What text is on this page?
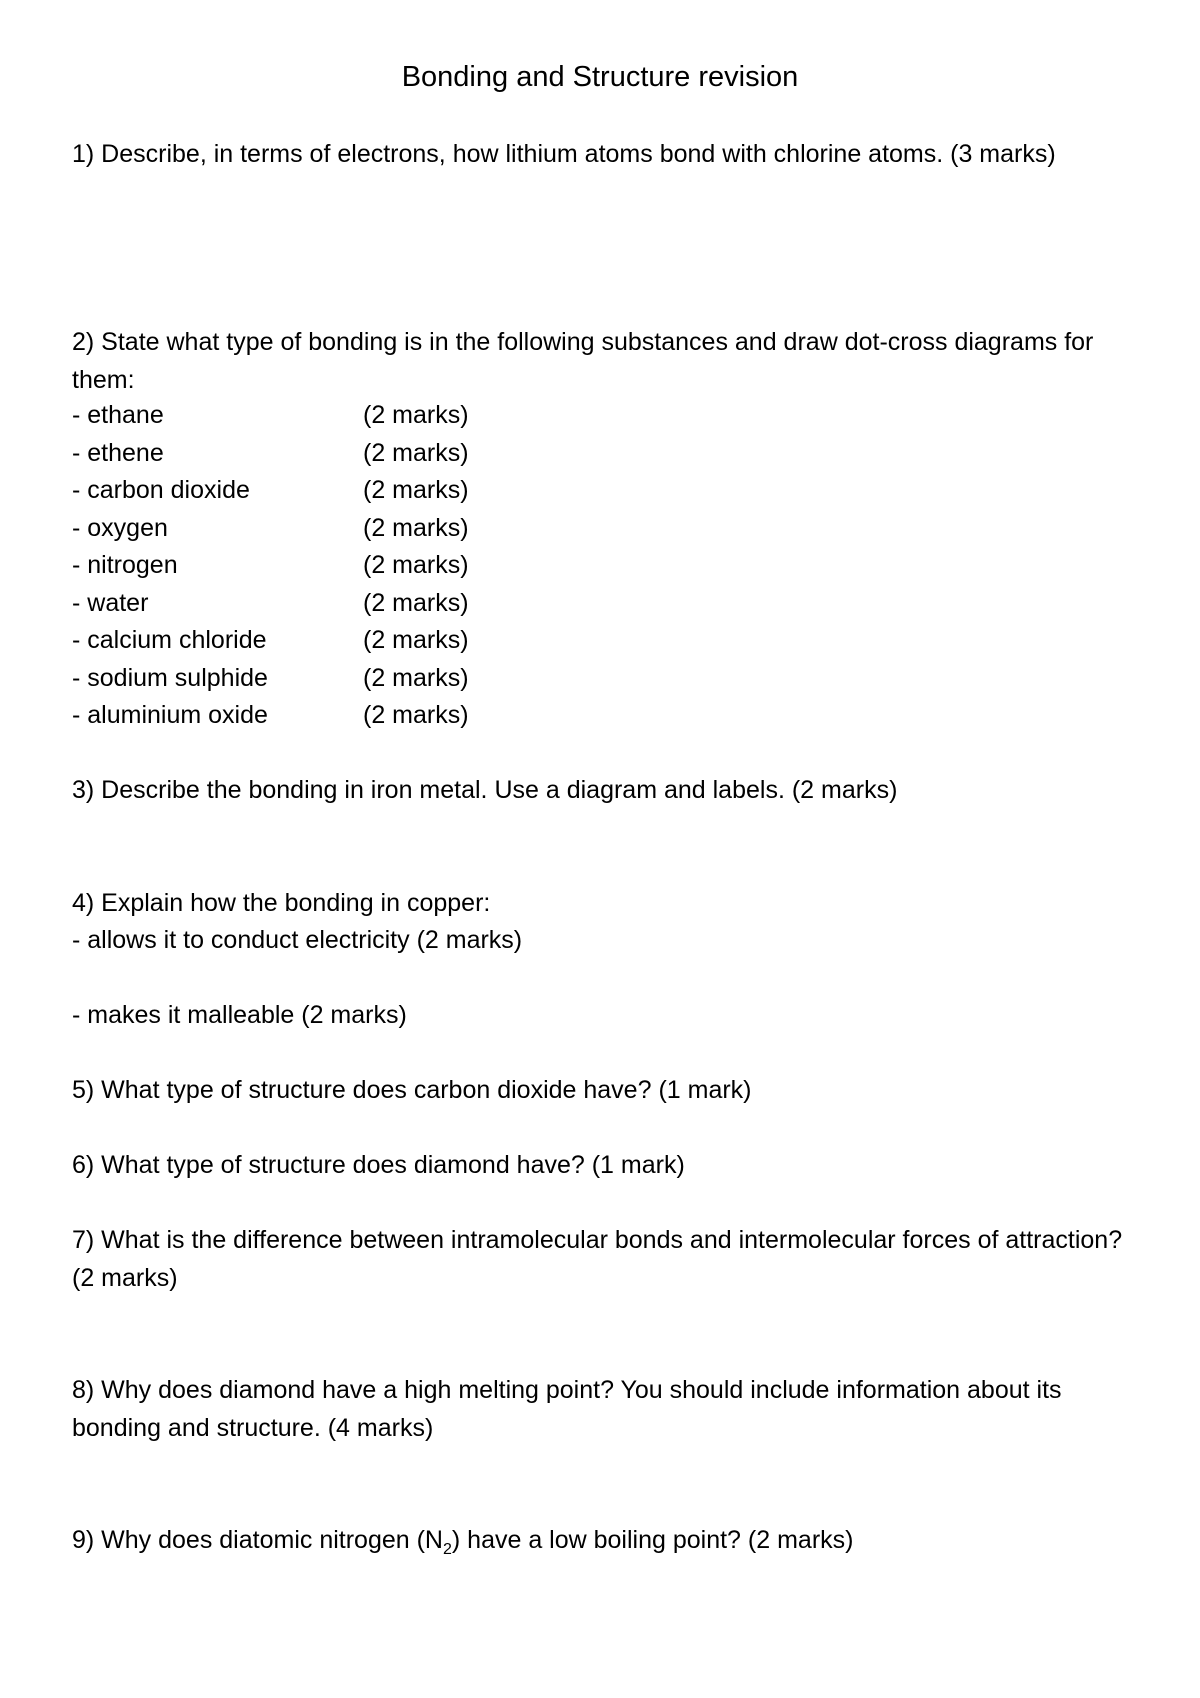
Bonding and Structure revision
1) Describe, in terms of electrons, how lithium atoms bond with chlorine atoms. (3 marks)
2) State what type of bonding is in the following substances and draw dot-cross diagrams for them:
- ethane	(2 marks)
- ethene	(2 marks)
- carbon dioxide	(2 marks)
- oxygen	(2 marks)
- nitrogen	(2 marks)
- water	(2 marks)
- calcium chloride	(2 marks)
- sodium sulphide	(2 marks)
- aluminium oxide	(2 marks)
3) Describe the bonding in iron metal. Use a diagram and labels. (2 marks)
4) Explain how the bonding in copper:
- allows it to conduct electricity (2 marks)
- makes it malleable (2 marks)
5) What type of structure does carbon dioxide have? (1 mark)
6) What type of structure does diamond have? (1 mark)
7) What is the difference between intramolecular bonds and intermolecular forces of attraction? (2 marks)
8) Why does diamond have a high melting point? You should include information about its bonding and structure. (4 marks)
9) Why does diatomic nitrogen $(N_2)$ have a low boiling point? (2 marks)
